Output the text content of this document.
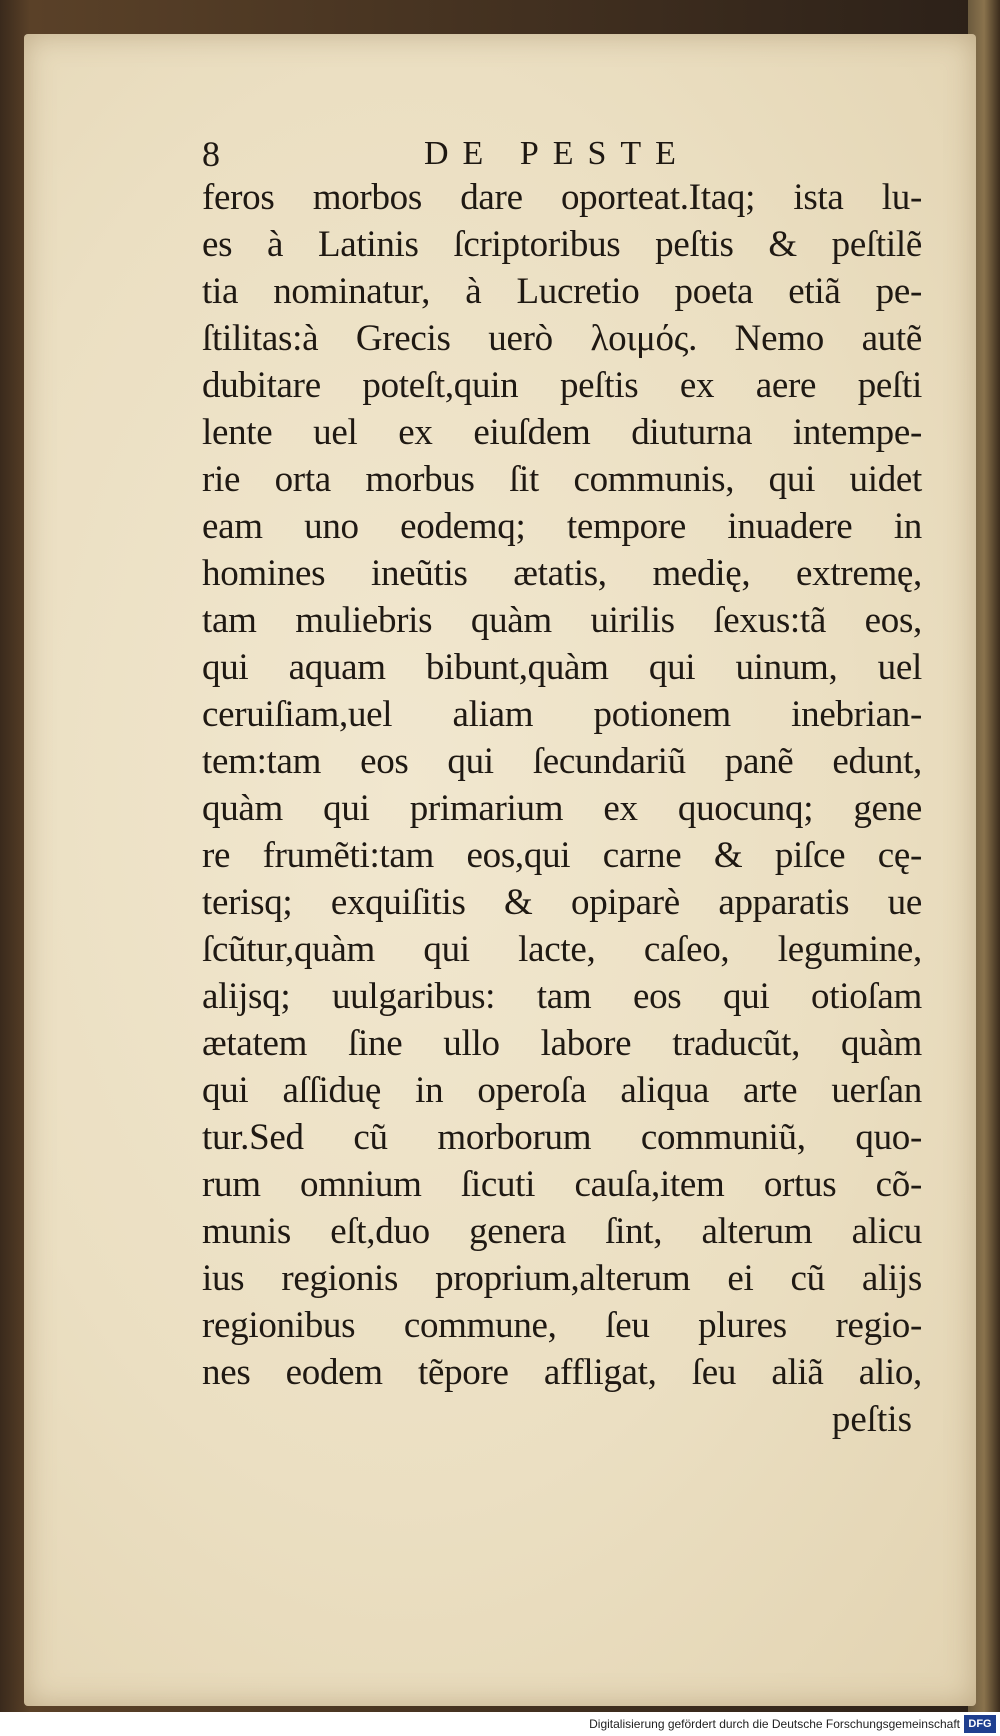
8	DE PESTE
feros morbos dare oporteat.Itaq; ista lu-
es à Latinis ſcriptoribus peſtis & peſtilẽ
tia nominatur, à Lucretio poeta etiã pe-
ſtilitas:à Grecis uerò λοιμός. Nemo autẽ
dubitare poteſt,quin peſtis ex aere peſti
lente uel ex eiuſdem diuturna intempe-
rie orta morbus ſit communis, qui uidet
eam uno eodemq; tempore inuadere in
homines ineũtis ætatis, medię, extremę,
tam muliebris quàm uirilis ſexus:tã eos,
qui aquam bibunt,quàm qui uinum, uel
ceruiſiam,uel aliam potionem inebrian-
tem:tam eos qui ſecundariũ panẽ edunt,
quàm qui primarium ex quocunq; gene
re frumẽti:tam eos,qui carne & piſce cę-
terisq; exquiſitis & opiparè apparatis ue
ſcũtur,quàm qui lacte, caſeo, legumine,
alijsq; uulgaribus: tam eos qui otioſam
ætatem ſine ullo labore traducũt, quàm
qui aſſiduę in operoſa aliqua arte uerſan
tur.Sed cũ morborum communiũ, quo-
rum omnium ſicuti cauſa,item ortus cõ-
munis eſt,duo genera ſint, alterum alicu
ius regionis proprium,alterum ei cũ alijs
regionibus commune, ſeu plures regio-
nes eodem tẽpore affligat, ſeu aliã alio,
peſtis
Digitalisierung gefördert durch die Deutsche Forschungsgemeinschaft DFG
